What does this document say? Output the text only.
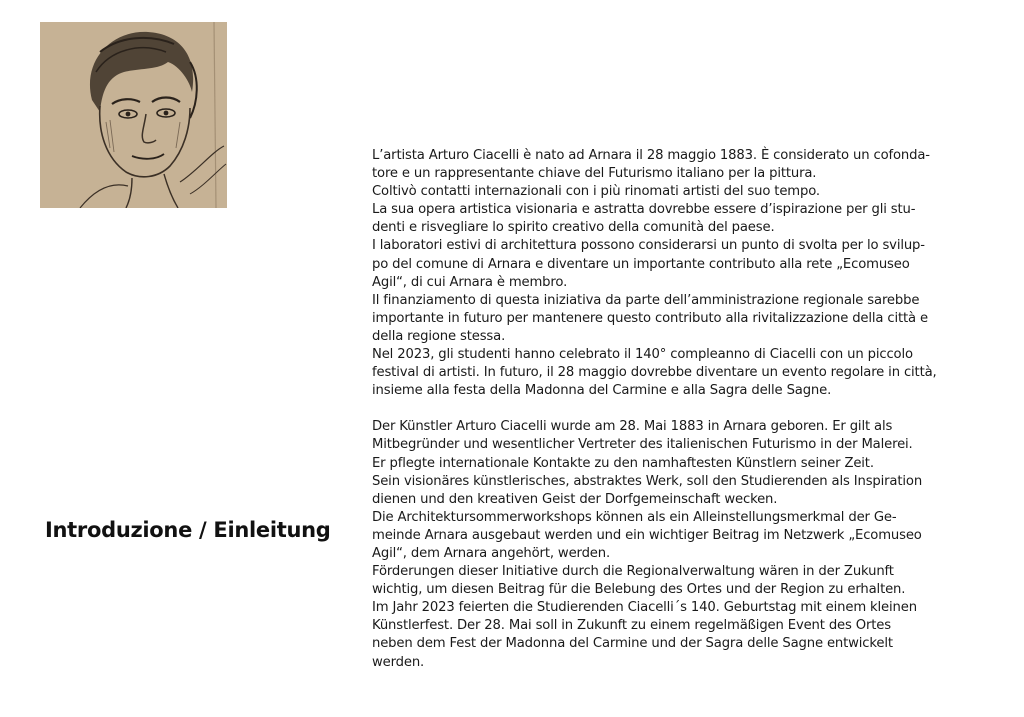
Introduzione / Einleitung

L’artista Arturo Ciacelli è nato ad Arnara il 28 maggio 1883. È considerato un cofonda-

tore e un rappresentante chiave del Futurismo italiano per la pittura.

Coltivò contatti internazionali con i più rinomati artisti del suo tempo.

La sua opera artistica visionaria e astratta dovrebbe essere d’ispirazione per gli stu-

denti e risvegliare lo spirito creativo della comunità del paese.

I laboratori estivi di architettura possono considerarsi un punto di svolta per lo svilup-

po del comune di Arnara e diventare un importante contributo alla rete „Ecomuseo

Agil“, di cui Arnara è membro.

Il finanziamento di questa iniziativa da parte dell’amministrazione regionale sarebbe

importante in futuro per mantenere questo contributo alla rivitalizzazione della città e

della regione stessa.

Nel 2023, gli studenti hanno celebrato il 140° compleanno di Ciacelli con un piccolo

festival di artisti. In futuro, il 28 maggio dovrebbe diventare un evento regolare in città,

insieme alla festa della Madonna del Carmine e alla Sagra delle Sagne.

Der Künstler Arturo Ciacelli wurde am 28. Mai 1883 in Arnara geboren. Er gilt als

Mitbegründer und wesentlicher Vertreter des italienischen Futurismo in der Malerei.

Er pflegte internationale Kontakte zu den namhaftesten Künstlern seiner Zeit.

Sein visionäres künstlerisches, abstraktes Werk, soll den Studierenden als Inspiration

dienen und den kreativen Geist der Dorfgemeinschaft wecken.

Die Architektursommerworkshops können als ein Alleinstellungsmerkmal der Ge-

meinde Arnara ausgebaut werden und ein wichtiger Beitrag im Netzwerk „Ecomuseo

Agil“, dem Arnara angehört, werden.

Förderungen dieser Initiative durch die Regionalverwaltung wären in der Zukunft

wichtig, um diesen Beitrag für die Belebung des Ortes und der Region zu erhalten.

Im Jahr 2023 feierten die Studierenden Ciacelli´s 140. Geburtstag mit einem kleinen

Künstlerfest. Der 28. Mai soll in Zukunft zu einem regelmäßigen Event des Ortes

neben dem Fest der Madonna del Carmine und der Sagra delle Sagne entwickelt

werden.
